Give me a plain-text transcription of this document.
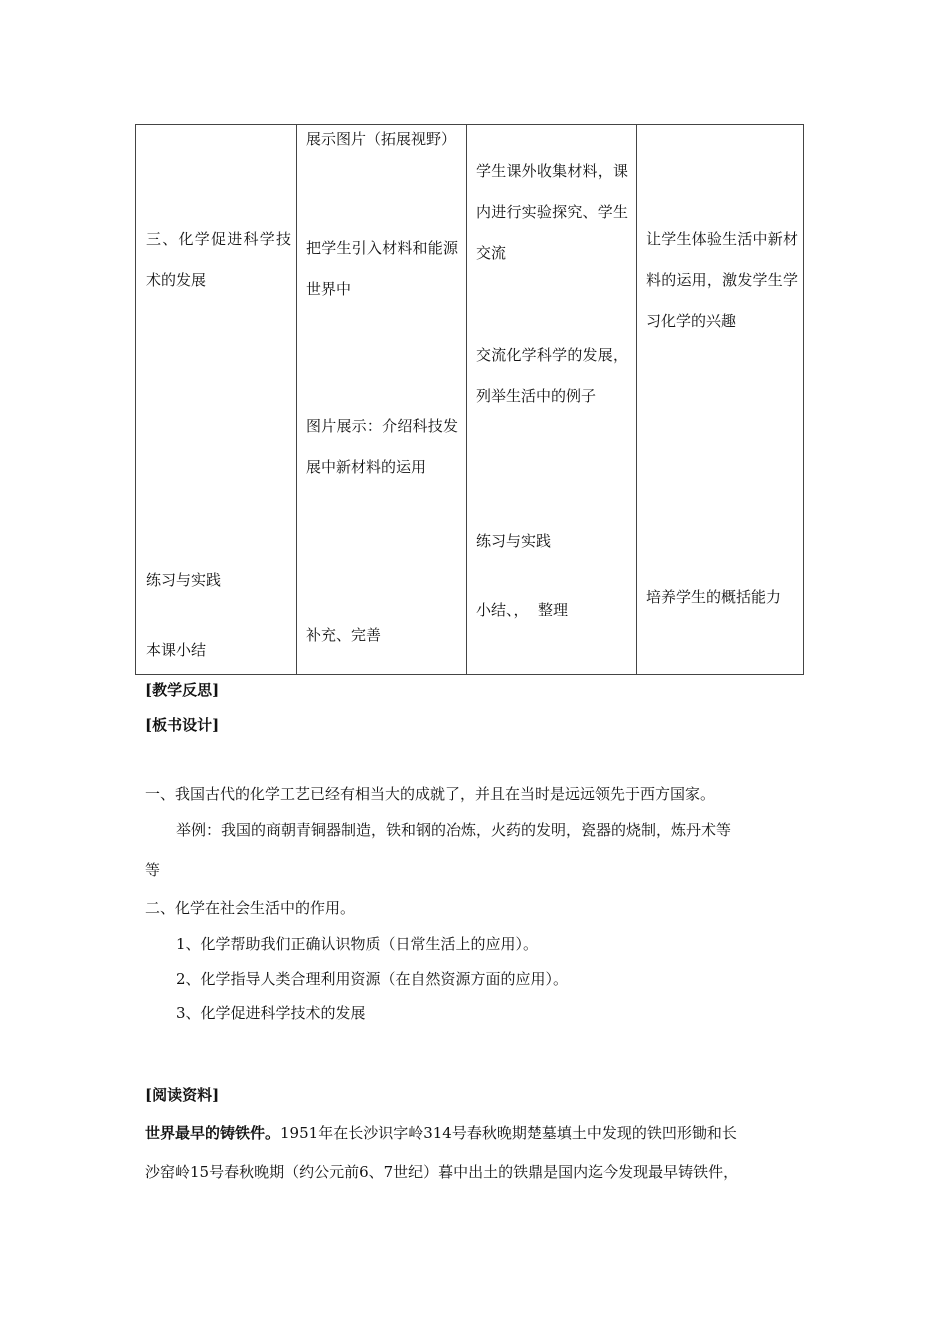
三、化学促进科学技术的发展

练习与实践

本课小结

展示图片（拓展视野）

把学生引入材料和能源世界中

图片展示：介绍科技发展中新材料的运用

补充、完善

学生课外收集材料，课内进行实验探究、学生交流

交流化学科学的发展，列举生活中的例子

练习与实践

小结、，  整理

让学生体验生活中新材料的运用，激发学生学习化学的兴趣

培养学生的概括能力

[教学反思]

[板书设计]

一、我国古代的化学工艺已经有相当大的成就了，并且在当时是远远领先于西方国家。

举例：我国的商朝青铜器制造，铁和钢的冶炼，火药的发明，瓷器的烧制，炼丹术等

等

二、化学在社会生活中的作用。

1、化学帮助我们正确认识物质（日常生活上的应用）。

2、化学指导人类合理利用资源（在自然资源方面的应用）。

3、化学促进科学技术的发展

[阅读资料]

世界最早的铸铁件。1951年在长沙识字岭314号春秋晚期楚墓填土中发现的铁凹形锄和长

沙窑岭15号春秋晚期（约公元前6、7世纪）暮中出土的铁鼎是国内迄今发现最早铸铁件，
